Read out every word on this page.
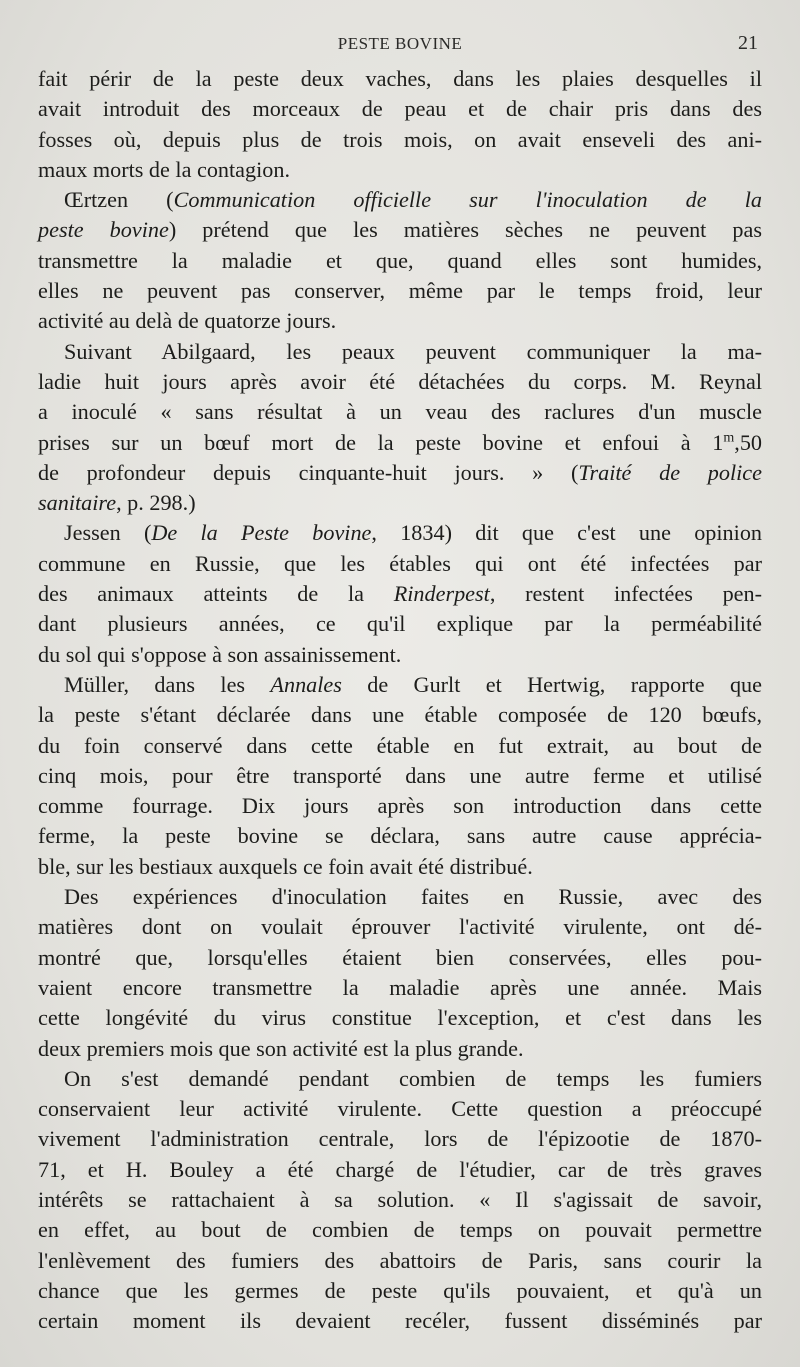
PESTE BOVINE	21
fait périr de la peste deux vaches, dans les plaies desquelles il
avait introduit des morceaux de peau et de chair pris dans des
fosses où, depuis plus de trois mois, on avait enseveli des ani-
maux morts de la contagion.
Œrtzen (Communication officielle sur l'inoculation de la
peste bovine) prétend que les matières sèches ne peuvent pas
transmettre la maladie et que, quand elles sont humides,
elles ne peuvent pas conserver, même par le temps froid, leur
activité au delà de quatorze jours.
Suivant Abilgaard, les peaux peuvent communiquer la ma-
ladie huit jours après avoir été détachées du corps. M. Reynal
a inoculé « sans résultat à un veau des raclures d'un muscle
prises sur un bœuf mort de la peste bovine et enfoui à 1$^m$,50
de profondeur depuis cinquante-huit jours. » (Traité de police
sanitaire, p. 298.)
Jessen (De la Peste bovine, 1834) dit que c'est une opinion
commune en Russie, que les étables qui ont été infectées par
des animaux atteints de la Rinderpest, restent infectées pen-
dant plusieurs années, ce qu'il explique par la perméabilité
du sol qui s'oppose à son assainissement.
Müller, dans les Annales de Gurlt et Hertwig, rapporte que
la peste s'étant déclarée dans une étable composée de 120 bœufs,
du foin conservé dans cette étable en fut extrait, au bout de
cinq mois, pour être transporté dans une autre ferme et utilisé
comme fourrage. Dix jours après son introduction dans cette
ferme, la peste bovine se déclara, sans autre cause apprécia-
ble, sur les bestiaux auxquels ce foin avait été distribué.
Des expériences d'inoculation faites en Russie, avec des
matières dont on voulait éprouver l'activité virulente, ont dé-
montré que, lorsqu'elles étaient bien conservées, elles pou-
vaient encore transmettre la maladie après une année. Mais
cette longévité du virus constitue l'exception, et c'est dans les
deux premiers mois que son activité est la plus grande.
On s'est demandé pendant combien de temps les fumiers
conservaient leur activité virulente. Cette question a préoccupé
vivement l'administration centrale, lors de l'épizootie de 1870-
71, et H. Bouley a été chargé de l'étudier, car de très graves
intérêts se rattachaient à sa solution. « Il s'agissait de savoir,
en effet, au bout de combien de temps on pouvait permettre
l'enlèvement des fumiers des abattoirs de Paris, sans courir la
chance que les germes de peste qu'ils pouvaient, et qu'à un
certain moment ils devaient recéler, fussent disséminés par
